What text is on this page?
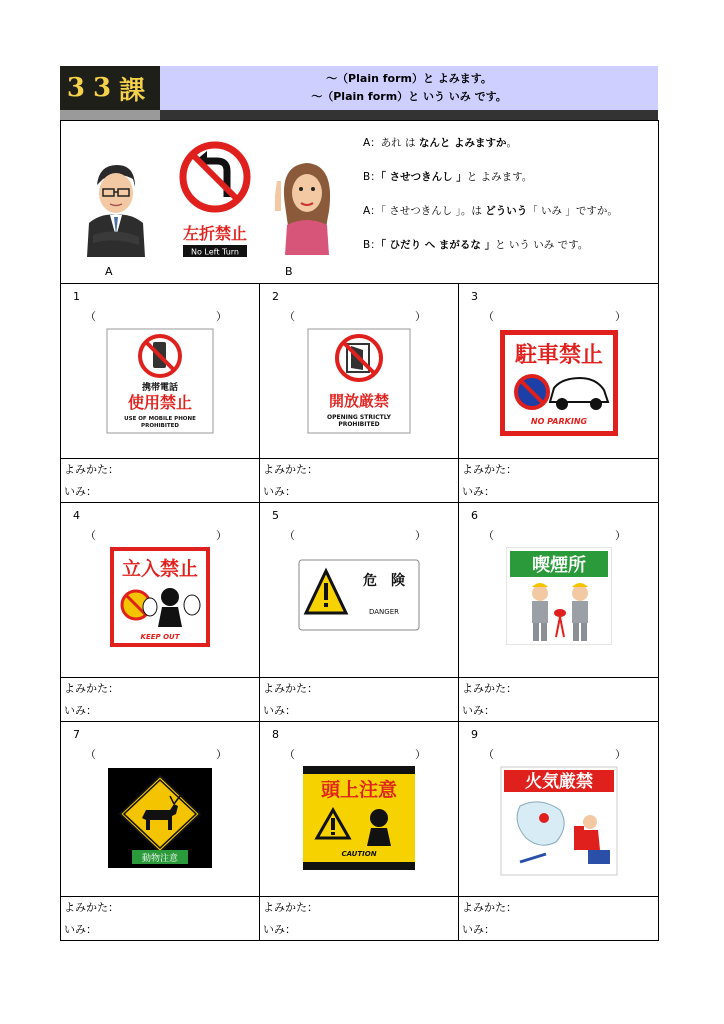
33 課	～（Plain form）と よみます。
～（Plain form）と いう いみ です。
A
左折禁止
No Left Turn
B
A：あれ は なんと よみますか。
B：「 させつきんし 」と よみます。
A：「 させつきんし 」。は どういう「 いみ 」ですか。
B：「 ひだり へ まがるな 」と いう いみ です。
1
（	）
携帯電話
使用禁止
USE OF MOBILE PHONE
PROHIBITED
2
（	）
開放厳禁
OPENING STRICTLY
PROHIBITED
3
（	）
駐車禁止
NO PARKING
よみかた：
いみ：
よみかた：
いみ：
よみかた：
いみ：
4
（	）
立入禁止
KEEP OUT
5
（	）
危　険
DANGER
6
（	）
喫煙所
よみかた：
いみ：
よみかた：
いみ：
よみかた：
いみ：
7
（	）
動物注意
8
（	）
頭上注意
CAUTION
9
（	）
火気厳禁
よみかた：
いみ：
よみかた：
いみ：
よみかた：
いみ：
